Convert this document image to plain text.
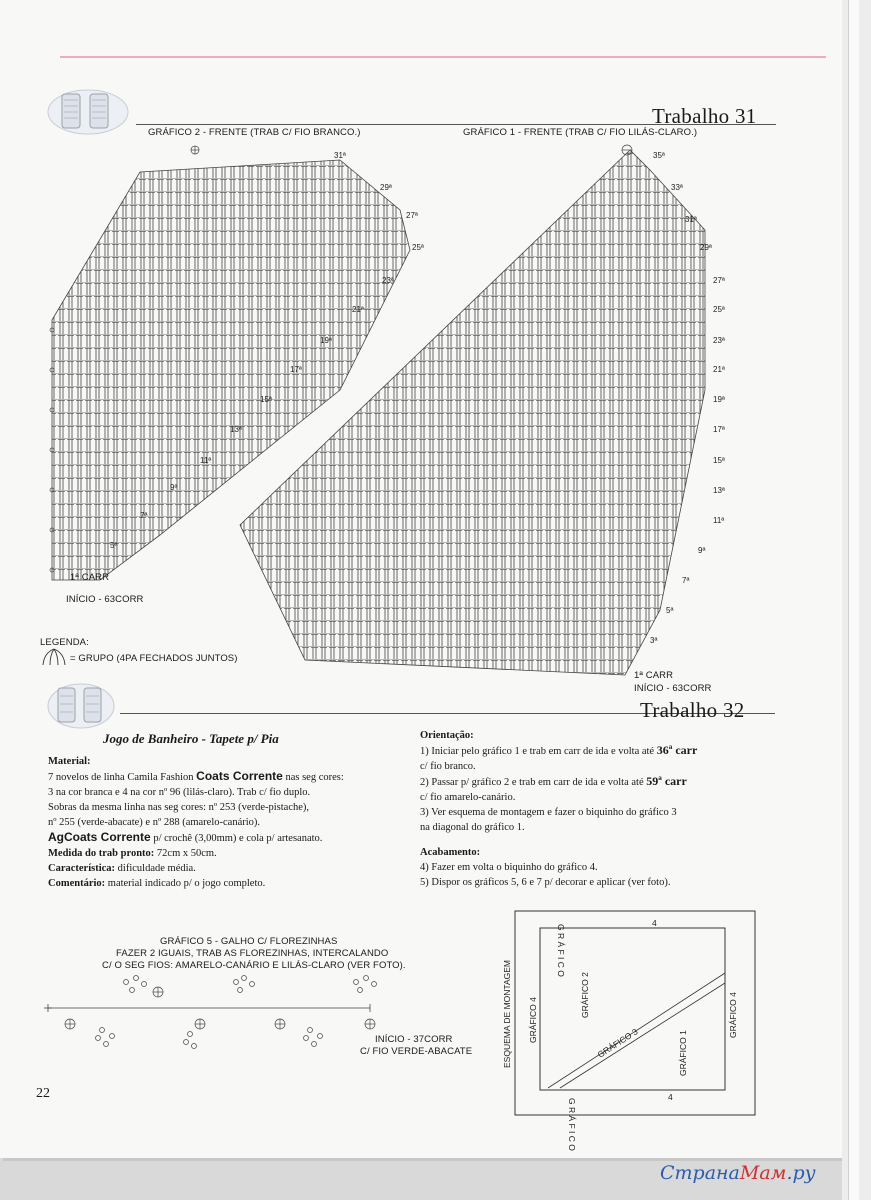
Trabalho 31
GRÁFICO 2 - FRENTE (TRAB C/ FIO BRANCO.)	GRÁFICO 1 - FRENTE (TRAB C/ FIO LILÁS-CLARO.)
31ª
29ª
27ª
25ª
23ª
21ª
19ª
17ª
15ª
13ª
11ª
9ª
7ª
5ª
1ª CARR
INÍCIO - 63CORR
35ª
33ª
31ª
29ª
27ª
25ª
23ª
21ª
19ª
17ª
15ª
13ª
11ª
9ª
7ª
5ª
3ª
1ª CARR
INÍCIO - 63CORR
LEGENDA:
= GRUPO (4PA FECHADOS JUNTOS)
Trabalho 32
Jogo de Banheiro - Tapete p/ Pia
Material:
7 novelos de linha Camila Fashion Coats Corrente nas seg cores:
3 na cor branca e 4 na cor nº 96 (lilás-claro). Trab c/ fio duplo.
Sobras da mesma linha nas seg cores: nº 253 (verde-pistache),
nº 255 (verde-abacate) e nº 288 (amarelo-canário).
AgCoats Corrente p/ crochê (3,00mm) e cola p/ artesanato.
Medida do trab pronto: 72cm x 50cm.
Característica: dificuldade média.
Comentário: material indicado p/ o jogo completo.
Orientação:
1) Iniciar pelo gráfico 1 e trab em carr de ida e volta até 36ª carr
c/ fio branco.
2) Passar p/ gráfico 2 e trab em carr de ida e volta até 59ª carr
c/ fio amarelo-canário.
3) Ver esquema de montagem e fazer o biquinho do gráfico 3
na diagonal do gráfico 1.
Acabamento:
4) Fazer em volta o biquinho do gráfico 4.
5) Dispor os gráficos 5, 6 e 7 p/ decorar e aplicar (ver foto).
GRÁFICO 5 - GALHO C/ FLOREZINHAS
FAZER 2 IGUAIS, TRAB AS FLOREZINHAS, INTERCALANDO
C/ O SEG FIOS: AMARELO-CANÁRIO E LILÁS-CLARO (VER FOTO).
INÍCIO - 37CORR
C/ FIO VERDE-ABACATE	ESQUEMA DE MONTAGEM
G R Á F I C O
4
G R Á F I C O
4
GRÁFICO 4	GRÁFICO 4
GRÁFICO 2
GRÁFICO 3	GRÁFICO 1
22
СтранаМам.ру
